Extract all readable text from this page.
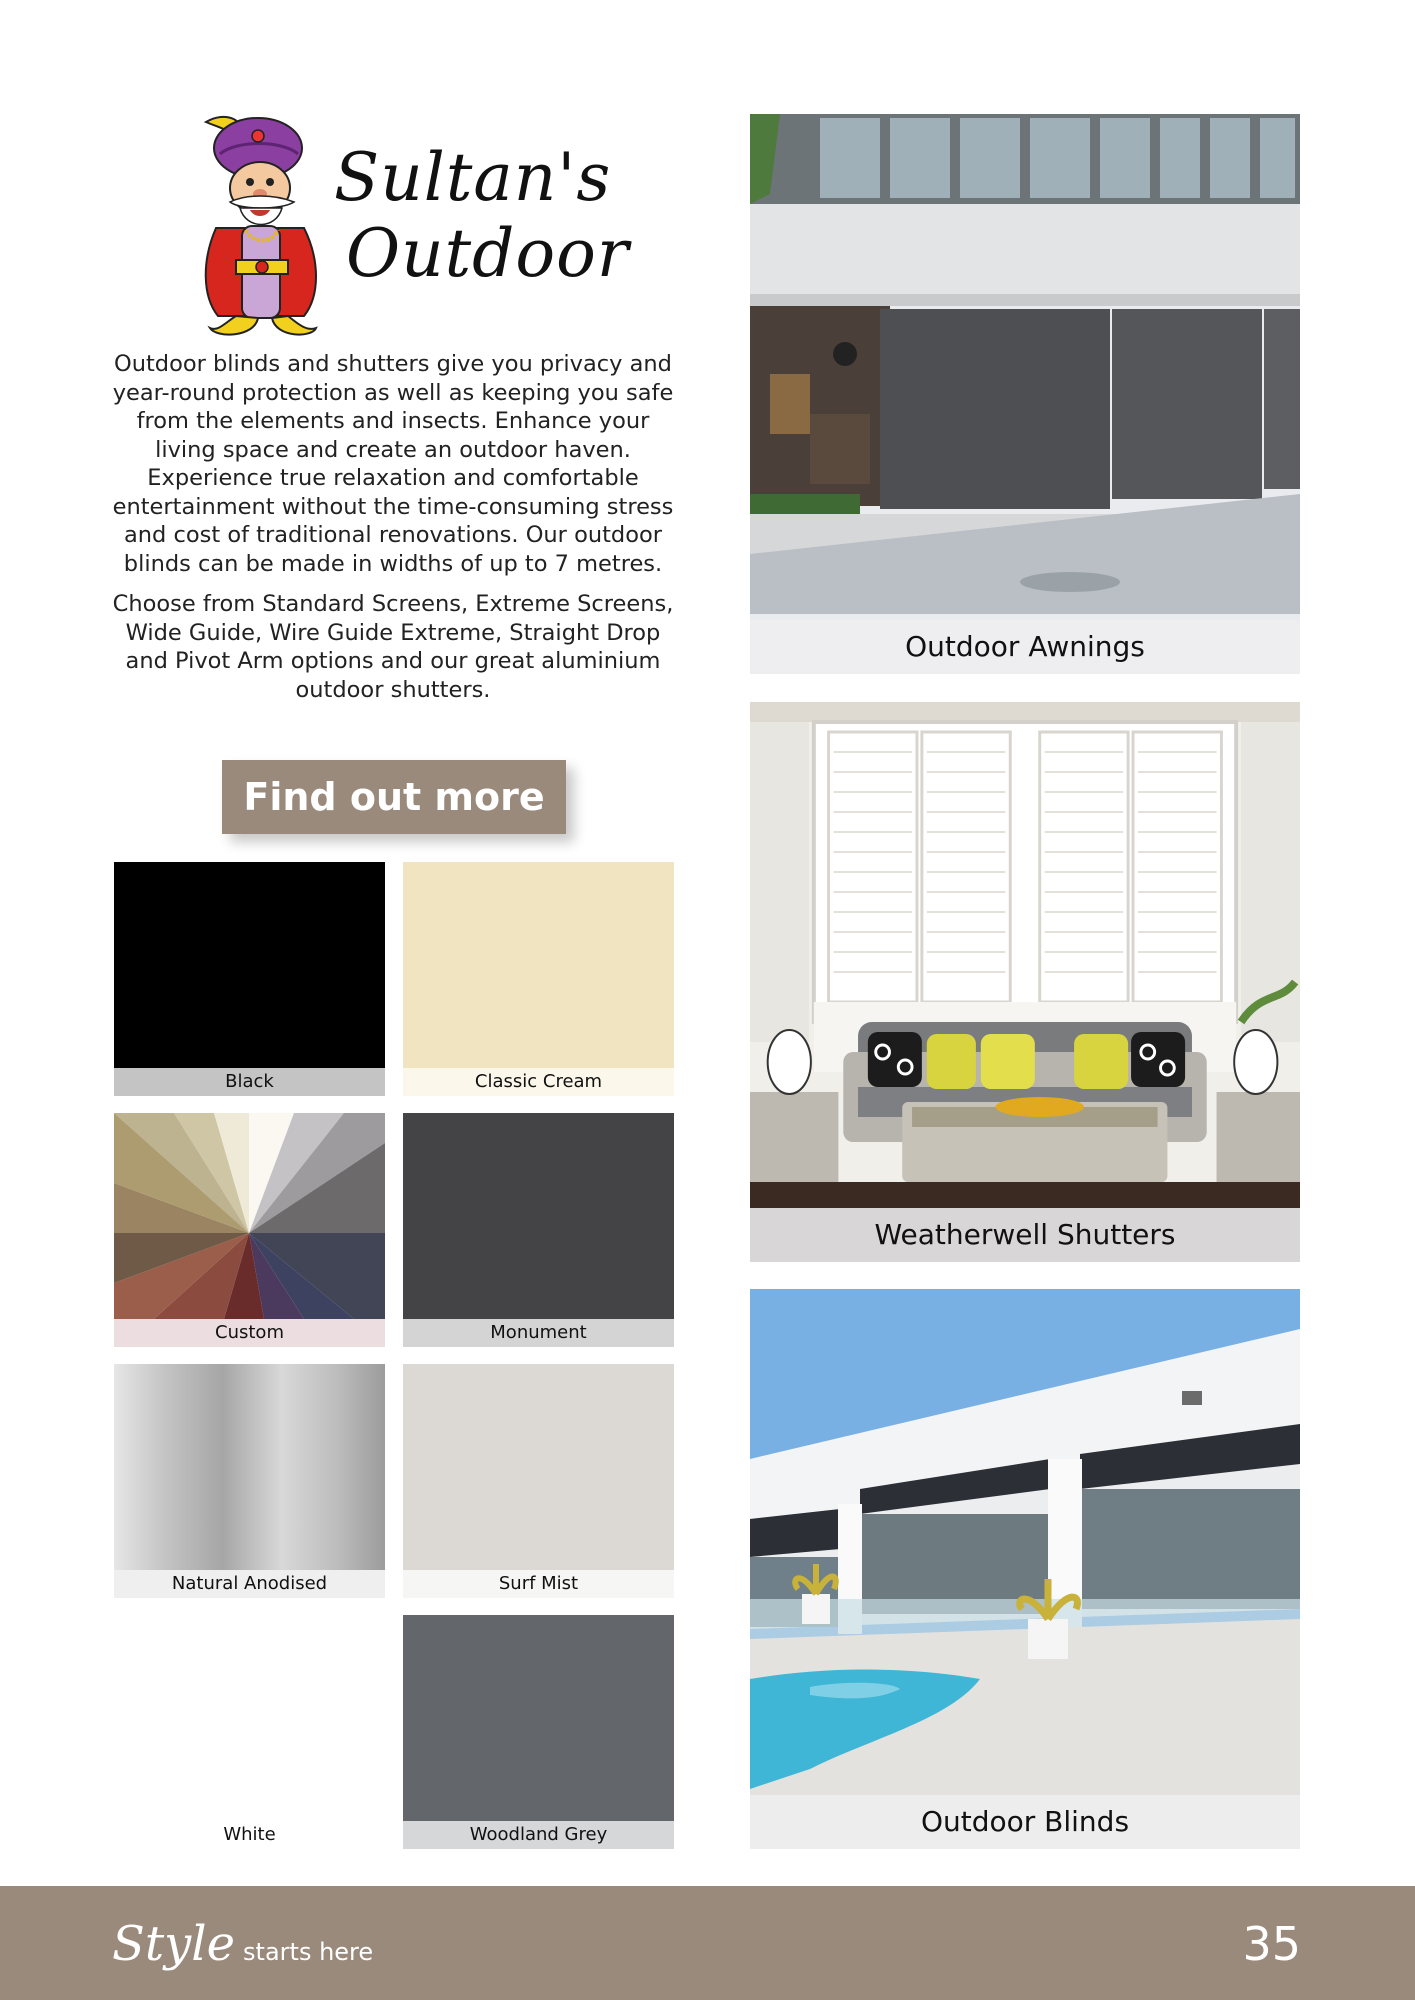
Sultan's
Outdoor

Outdoor blinds and shutters give you privacy and year-round protection as well as keeping you safe from the elements and insects. Enhance your living space and create an outdoor haven. Experience true relaxation and comfortable entertainment without the time-consuming stress and cost of traditional renovations. Our outdoor blinds can be made in widths of up to 7 metres.

Choose from Standard Screens, Extreme Screens, Wide Guide, Wire Guide Extreme, Straight Drop and Pivot Arm options and our great aluminium outdoor shutters.

Find out more
Black	Classic Cream
Custom	Monument
Natural Anodised	Surf Mist
White	Woodland Grey
Outdoor Awnings
Weatherwell Shutters
Outdoor Blinds
Style starts here	35
